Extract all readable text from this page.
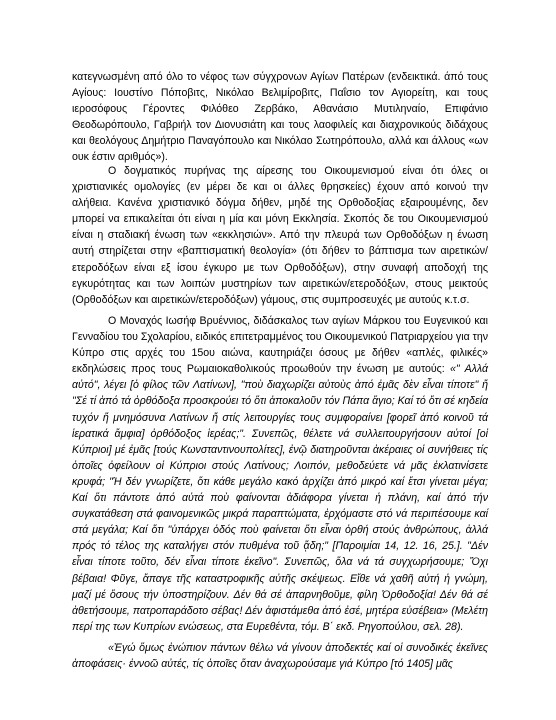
κατεγνωσμένη από όλο το νέφος των σύγχρονων Αγίων Πατέρων (ενδεικτικά. άπό τους Αγίους: Ιουστίνο Πόποβιτς, Νικόλαο Βελιμίροβιτς, Παΐσιο τον Αγιορείτη, και τους ιεροσόφους Γέροντες Φιλόθεο Ζερβάκο, Αθανάσιο Μυτιληναίο, Επιφάνιο Θεοδωρόπουλο, Γαβριήλ τον Διονυσιάτη και τους λαοφιλείς και διαχρονικούς διδάχους και θεολόγους Δημήτριο Παναγόπουλο και Νικόλαο Σωτηρόπουλο, αλλά και άλλους «ων ουκ έστιν αριθμός»).

Ο δογματικός πυρήνας της αίρεσης του Οικουμενισμού είναι ότι όλες οι χριστιανικές ομολογίες (εν μέρει δε και οι άλλες θρησκείες) έχουν από κοινού την αλήθεια. Κανένα χριστιανικό δόγμα δήθεν, μηδέ της Ορθοδοξίας εξαιρουμένης, δεν μπορεί να επικαλείται ότι είναι η μία και μόνη Εκκλησία. Σκοπός δε του Οικουμενισμού είναι η σταδιακή ένωση των «εκκλησιών». Από την πλευρά των Ορθοδόξων η ένωση αυτή στηρίζεται στην «βαπτισματική θεολογία» (ότι δήθεν το βάπτισμα των αιρετικών/ετεροδόξων είναι εξ ίσου έγκυρο με των Ορθοδόξων), στην συναφή αποδοχή της εγκυρότητας και των λοιπών μυστηρίων των αιρετικών/ετεροδόξων, στους μεικτούς (Ορθοδόξων και αιρετικών/ετεροδόξων) γάμους, στις συμπροσευχές με αυτούς κ.τ.σ.

Ο Μοναχός Ιωσήφ Βρυέννιος, διδάσκαλος των αγίων Μάρκου του Ευγενικού και Γενναδίου του Σχολαρίου, ειδικός επιτετραμμένος του Οικουμενικού Πατριαρχείου για την Κύπρο στις αρχές του 15ου αιώνα, καυτηριάζει όσους με δήθεν «απλές, φιλικές» εκδηλώσεις προς τους Ρωμαιοκαθολικούς προωθούν την ένωση με αυτούς: «" Αλλά αὐτό", λέγει [ὁ φίλος τῶν Λατίνων], "ποὺ διαχωρίζει αὐτοὺς ἀπό ἐμᾶς δὲν εἶναι τίποτε" ἤ "Σέ τί ἀπό τά ὀρθόδοξα προσκρούει τό ὅτι ἀποκαλοῦν τόν Πάπα ἅγιο; Καί τό ὅτι σέ κηδεία τυχόν ἤ μνημόσυνα Λατίνων ἤ στίς λειτουργίες τους συμφοραίνει [φορεῖ ἀπό κοινοῦ τά ἱερατικά ἄμφια] ὀρθόδοξος ἱερέας;". Συνεπῶς, θέλετε νά συλλειτουργήσουν αὐτοί [οἱ Κύπριοι] μέ ἐμᾶς [τούς Κωνσταντινουπολίτες], ἐνῷ διατηροῦνται ἀκέραιες οἱ συνήθειες τίς ὁποῖες ὀφείλουν οἱ Κύπριοι στούς Λατίνους; Λοιπόν, μεθοδεύετε νά μᾶς ἐκλατινίσετε κρυφά; "Ἡ δέν γνωρίζετε, ὅτι κάθε μεγάλο κακό ἀρχίζει ἀπό μικρό καί ἔτσι γίνεται μέγα; Καί ὅτι πάντοτε ἀπό αὐτά ποὺ φαίνονται ἀδιάφορα γίνεται ἡ πλάνη, καί ἀπό τήν συγκατάθεση στά φαινομενικῶς μικρά παραπτώματα, ἐρχόμαστε στό νά περιπέσουμε καί στά μεγάλα; Καί ὅτι "ὑπάρχει ὁδός ποὺ φαίνεται ὅτι εἶναι ὀρθή στούς ἀνθρώπους, ἀλλά πρός τό τέλος της καταλήγει στόν πυθμένα τοῦ ᾅδη;" [Παροιμίαι 14, 12. 16, 25.]. "Δέν εἶναι τίποτε τοῦτο, δέν εἶναι τίποτε ἐκεῖνο". Συνεπῶς, ὅλα νά τά συγχωρήσουμε; Ὄχι βέβαια! Φῦγε, ἄπαγε τῆς καταστροφικῆς αὐτῆς σκέψεως. Εἴθε νά χαθῆ αὐτή ἡ γνώμη, μαζί μέ ὅσους τήν ὑποστηρίζουν. Δέν θά σέ ἀπαρνηθοῦμε, φίλη Ὀρθοδοξία! Δέν θά σέ ἀθετήσουμε, πατροπαράδοτο σέβας! Δέν ἀφιστάμεθα ἀπό ἐσέ, μητέρα εὐσέβεια» (Μελέτη περί της των Κυπρίων ενώσεως, στα Ευρεθέντα, τόμ. Β΄ εκδ. Ρηγοπούλου, σελ. 28).

«Ἐγώ ὅμως ἐνώπιον πάντων θέλω νά γίνουν ἀποδεκτές καί οἱ συνοδικές ἐκεῖνες ἀποφάσεις· ἐννοῶ αὐτές, τίς ὁποῖες ὅταν ἀναχωρούσαμε γιά Κύπρο [τό 1405] μᾶς
